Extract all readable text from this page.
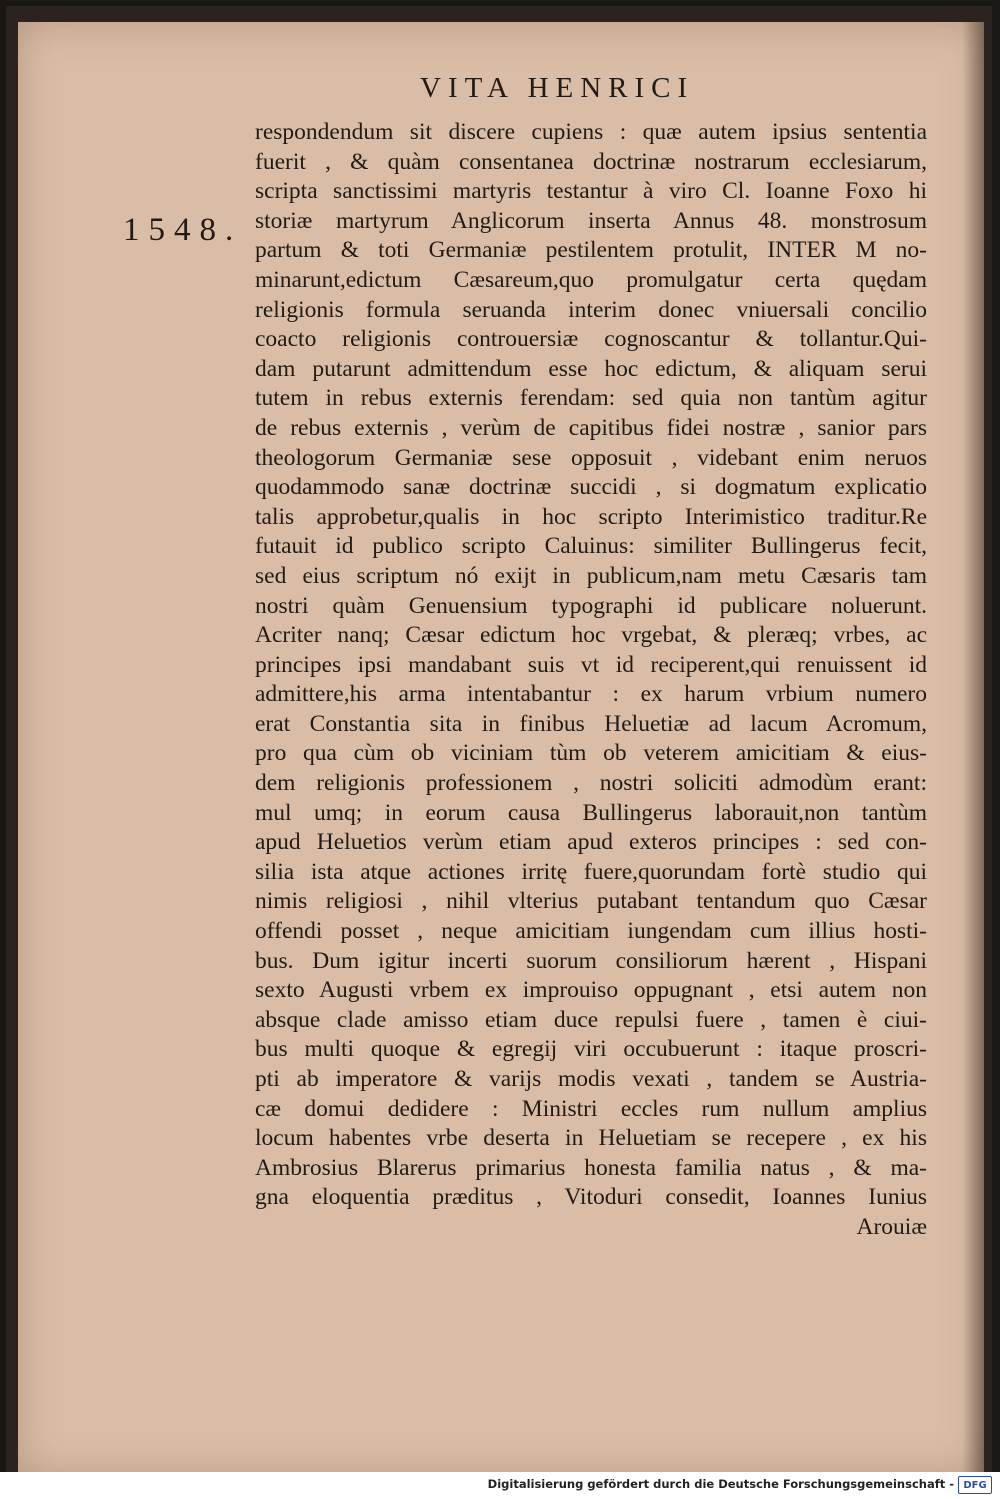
VITA HENRICI
1548.
respondendum sit discere cupiens : quæ autem ipsius sententia
fuerit , & quàm consentanea doctrinæ nostrarum ecclesiarum,
scripta sanctissimi martyris testantur à viro Cl. Ioanne Foxo hi
storiæ martyrum Anglicorum inserta Annus 48. monstrosum
partum & toti Germaniæ pestilentem protulit, INTER M no-
minarunt,edictum Cæsareum,quo promulgatur certa quędam
religionis formula seruanda interim donec vniuersali concilio
coacto religionis controuersiæ cognoscantur & tollantur.Qui-
dam putarunt admittendum esse hoc edictum, & aliquam serui
tutem in rebus externis ferendam: sed quia non tantùm agitur
de rebus externis , verùm de capitibus fidei nostræ , sanior pars
theologorum Germaniæ sese opposuit , videbant enim neruos
quodammodo sanæ doctrinæ succidi , si dogmatum explicatio
talis approbetur,qualis in hoc scripto Interimistico traditur.Re
futauit id publico scripto Caluinus: similiter Bullingerus fecit,
sed eius scriptum nó exijt in publicum,nam metu Cæsaris tam
nostri quàm Genuensium typographi id publicare noluerunt.
Acriter nanq; Cæsar edictum hoc vrgebat, & pleræq; vrbes, ac
principes ipsi mandabant suis vt id reciperent,qui renuissent id
admittere,his arma intentabantur : ex harum vrbium numero
erat Constantia sita in finibus Heluetiæ ad lacum Acromum,
pro qua cùm ob viciniam tùm ob veterem amicitiam & eius-
dem religionis professionem , nostri soliciti admodùm erant:
mul umq; in eorum causa Bullingerus laborauit,non tantùm
apud Heluetios verùm etiam apud exteros principes : sed con-
silia ista atque actiones irritę fuere,quorundam fortè studio qui
nimis religiosi , nihil vlterius putabant tentandum quo Cæsar
offendi posset , neque amicitiam iungendam cum illius hosti-
bus. Dum igitur incerti suorum consiliorum hærent , Hispani
sexto Augusti vrbem ex improuiso oppugnant , etsi autem non
absque clade amisso etiam duce repulsi fuere , tamen è ciui-
bus multi quoque & egregij viri occubuerunt : itaque proscri-
pti ab imperatore & varijs modis vexati , tandem se Austria-
cæ domui dedidere : Ministri eccles rum nullum amplius
locum habentes vrbe deserta in Heluetiam se recepere , ex his
Ambrosius Blarerus primarius honesta familia natus , & ma-
gna eloquentia præditus , Vitoduri consedit, Ioannes Iunius
Arouiæ
Digitalisierung gefördert durch die Deutsche Forschungsgemeinschaft - DFG
